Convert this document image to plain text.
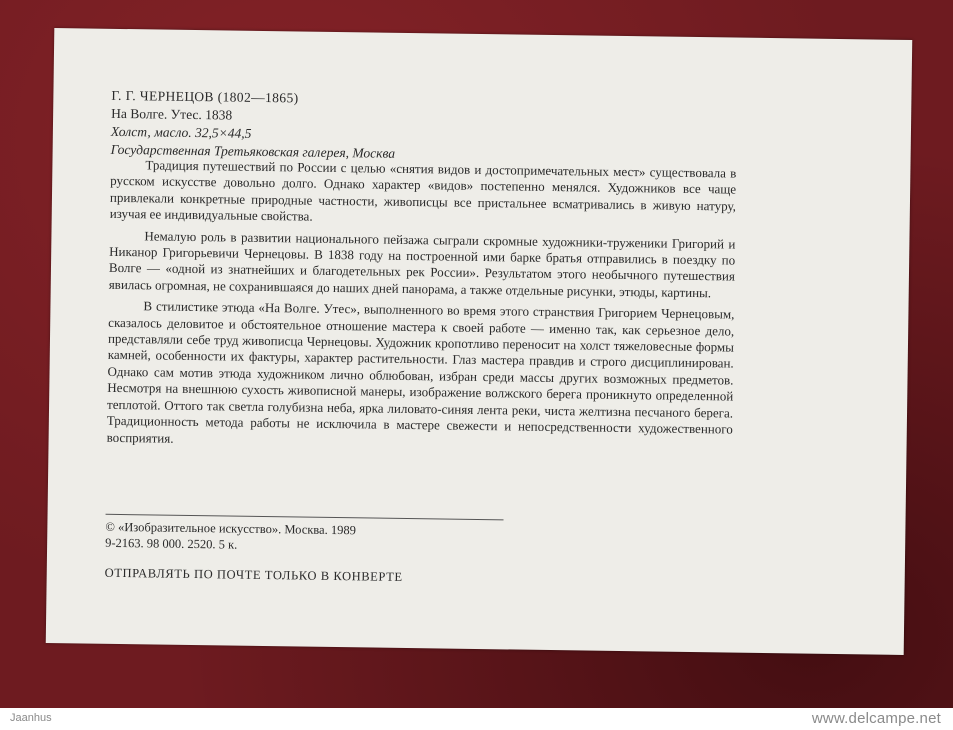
Г. Г. ЧЕРНЕЦОВ (1802—1865)
На Волге. Утес. 1838
Холст, масло. 32,5×44,5
Государственная Третьяковская галерея, Москва

Традиция путешествий по России с целью «снятия видов и достопримечательных мест» существовала в русском искусстве довольно долго. Однако характер «видов» постепенно менялся. Художников все чаще привлекали конкретные природные частности, живописцы все пристальнее всматривались в живую натуру, изучая ее индивидуальные свойства.

Немалую роль в развитии национального пейзажа сыграли скромные художники-труженики Григорий и Никанор Григорьевичи Чернецовы. В 1838 году на построенной ими барке братья отправились в поездку по Волге — «одной из знатнейших и благодетельных рек России». Результатом этого необычного путешествия явилась огромная, не сохранившаяся до наших дней панорама, а также отдельные рисунки, этюды, картины.

В стилистике этюда «На Волге. Утес», выполненного во время этого странствия Григорием Чернецовым, сказалось деловитое и обстоятельное отношение мастера к своей работе — именно так, как серьезное дело, представляли себе труд живописца Чернецовы. Художник кропотливо переносит на холст тяжеловесные формы камней, особенности их фактуры, характер растительности. Глаз мастера правдив и строго дисциплинирован. Однако сам мотив этюда художником лично облюбован, избран среди массы других возможных предметов. Несмотря на внешнюю сухость живописной манеры, изображение волжского берега проникнуто определенной теплотой. Оттого так светла голубизна неба, ярка лиловато-синяя лента реки, чиста желтизна песчаного берега. Традиционность метода работы не исключила в мастере свежести и непосредственности художественного восприятия.

© «Изобразительное искусство». Москва. 1989
9-2163. 98 000. 2520. 5 к.
ОТПРАВЛЯТЬ ПО ПОЧТЕ ТОЛЬКО В КОНВЕРТЕ
Jaanhus	www.delcampe.net
